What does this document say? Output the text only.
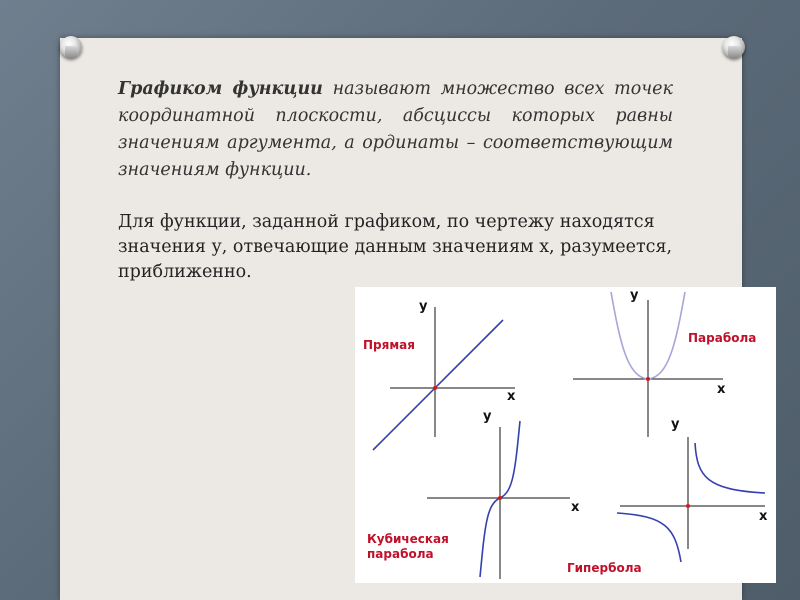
Графиком функции называют множество всех точек координатной плоскости, абсциссы которых равны значениям аргумента, а ординаты – соответствующим значениям функции.

Для функции, заданной графиком, по чертежу находятся значения у, отвечающие данным значениям х, разумеется, приближенно.

y
x
Прямая
y
x
Парабола
y
x
Кубическая парабола
y
x
Гипербола
